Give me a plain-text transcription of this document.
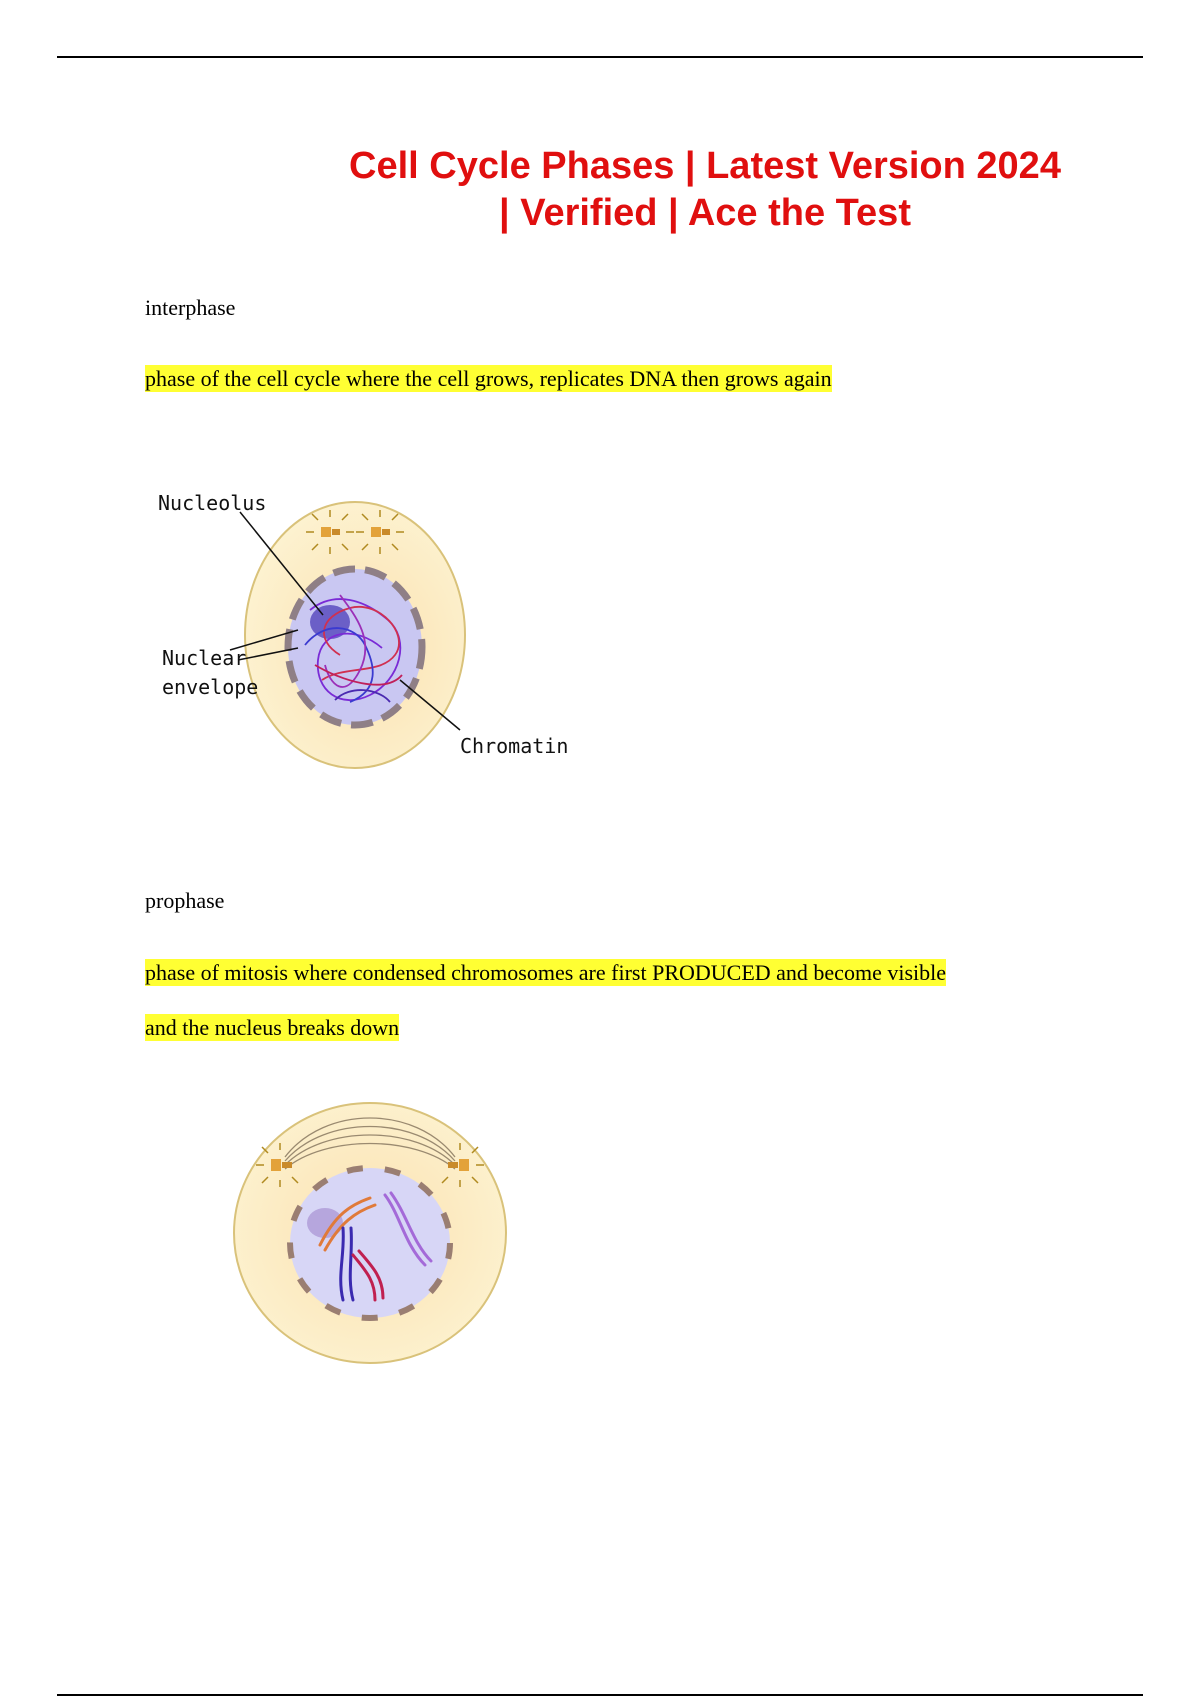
Cell Cycle Phases | Latest Version 2024
| Verified | Ace the Test
interphase
phase of the cell cycle where the cell grows, replicates DNA then grows again
Nucleolus
Nuclear
envelope
Chromatin
prophase
phase of mitosis where condensed chromosomes are first PRODUCED and become visible
and the nucleus breaks down
